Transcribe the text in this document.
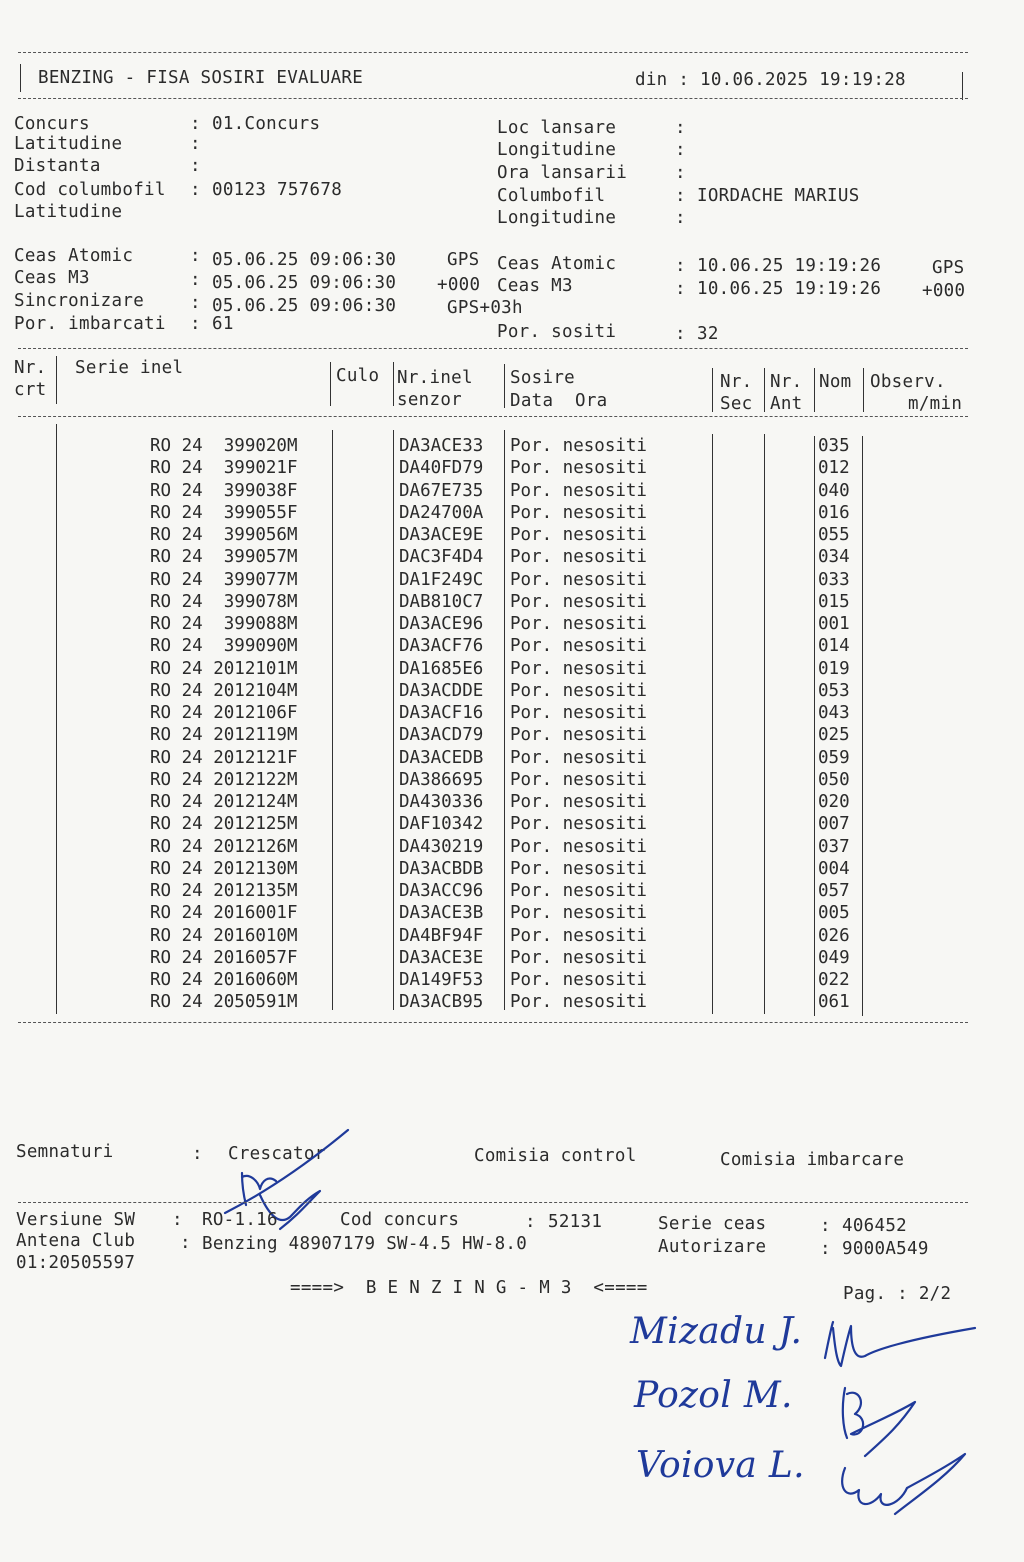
BENZING - FISA SOSIRI EVALUARE	din : 10.06.2025 19:19:28
Concurs	: 01.Concurs
Latitudine	:
Distanta	:
Cod columbofil : 00123 757678
Latitudine
Loc lansare	:
Longitudine	:
Ora lansarii	:
Columbofil	: IORDACHE MARIUS
Longitudine	:
Ceas Atomic	: 05.06.25 09:06:30	GPS
Ceas M3	: 05.06.25 09:06:30 +000
Sincronizare	: 05.06.25 09:06:30	GPS+03h
Por. imbarcati : 61
Ceas Atomic	: 10.06.25 19:19:26	GPS
Ceas M3	: 10.06.25 19:19:26 +000
Por. sositi	: 32
Nr.
crt
Serie inel	Culo Nr.inel
senzor
Sosire
Data  Ora
Nr.
Sec
Nr.
Ant
Nom Observ.
m/min
RO 24  399020M	DA3ACE33 Por. nesositi	035
RO 24  399021F	DA40FD79 Por. nesositi	012
RO 24  399038F	DA67E735 Por. nesositi	040
RO 24  399055F	DA24700A Por. nesositi	016
RO 24  399056M	DA3ACE9E Por. nesositi	055
RO 24  399057M	DAC3F4D4 Por. nesositi	034
RO 24  399077M	DA1F249C Por. nesositi	033
RO 24  399078M	DAB810C7 Por. nesositi	015
RO 24  399088M	DA3ACE96 Por. nesositi	001
RO 24  399090M	DA3ACF76 Por. nesositi	014
RO 24 2012101M	DA1685E6 Por. nesositi	019
RO 24 2012104M	DA3ACDDE Por. nesositi	053
RO 24 2012106F	DA3ACF16 Por. nesositi	043
RO 24 2012119M	DA3ACD79 Por. nesositi	025
RO 24 2012121F	DA3ACEDB Por. nesositi	059
RO 24 2012122M	DA386695 Por. nesositi	050
RO 24 2012124M	DA430336 Por. nesositi	020
RO 24 2012125M	DAF10342 Por. nesositi	007
RO 24 2012126M	DA430219 Por. nesositi	037
RO 24 2012130M	DA3ACBDB Por. nesositi	004
RO 24 2012135M	DA3ACC96 Por. nesositi	057
RO 24 2016001F	DA3ACE3B Por. nesositi	005
RO 24 2016010M	DA4BF94F Por. nesositi	026
RO 24 2016057F	DA3ACE3E Por. nesositi	049
RO 24 2016060M	DA149F53 Por. nesositi	022
RO 24 2050591M	DA3ACB95 Por. nesositi	061
Semnaturi	: Crescator	Comisia control	Comisia imbarcare
Versiune SW : RO-1.16	Cod concurs	: 52131	Serie ceas	: 406452
Antena Club	: Benzing 48907179 SW-4.5 HW-8.0	Autorizare	: 9000A549
01:20505597
====>  B E N Z I N G - M 3  <====	Pag. : 2/2
Mizadu J.
Pozol M.
Voiova L.
